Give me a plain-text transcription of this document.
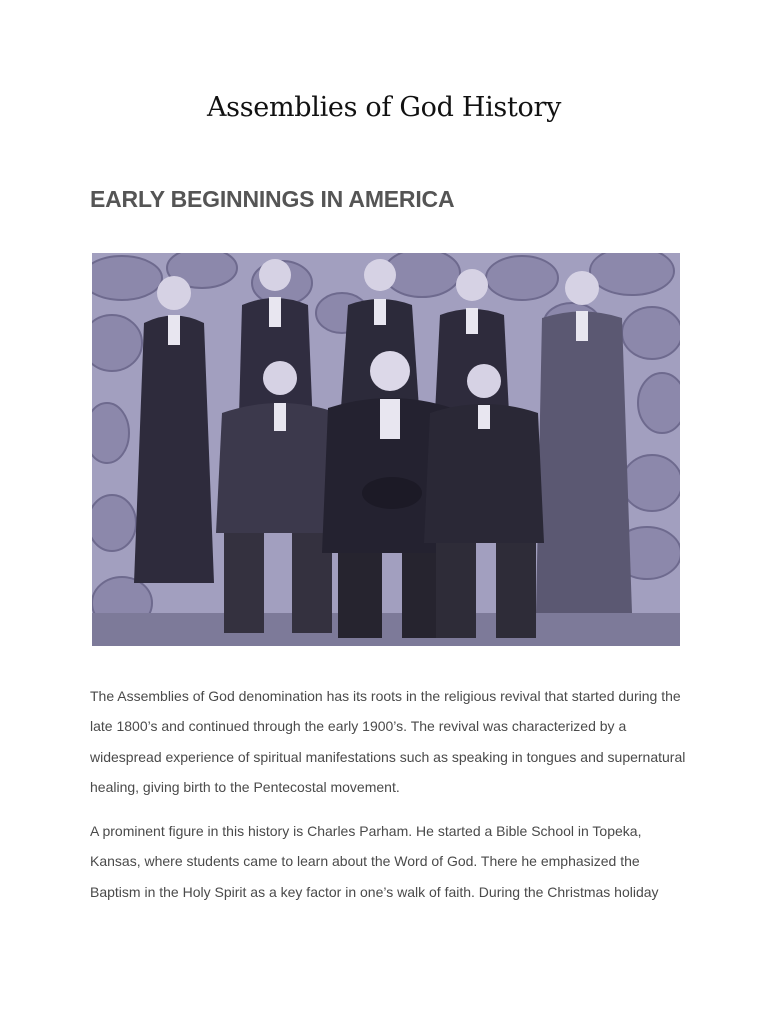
Assemblies of God History
EARLY BEGINNINGS IN AMERICA

The Assemblies of God denomination has its roots in the religious revival that started during the late 1800’s and continued through the early 1900’s. The revival was characterized by a widespread experience of spiritual manifestations such as speaking in tongues and supernatural healing, giving birth to the Pentecostal movement.

A prominent figure in this history is Charles Parham. He started a Bible School in Topeka, Kansas, where students came to learn about the Word of God. There he emphasized the Baptism in the Holy Spirit as a key factor in one’s walk of faith. During the Christmas holiday
